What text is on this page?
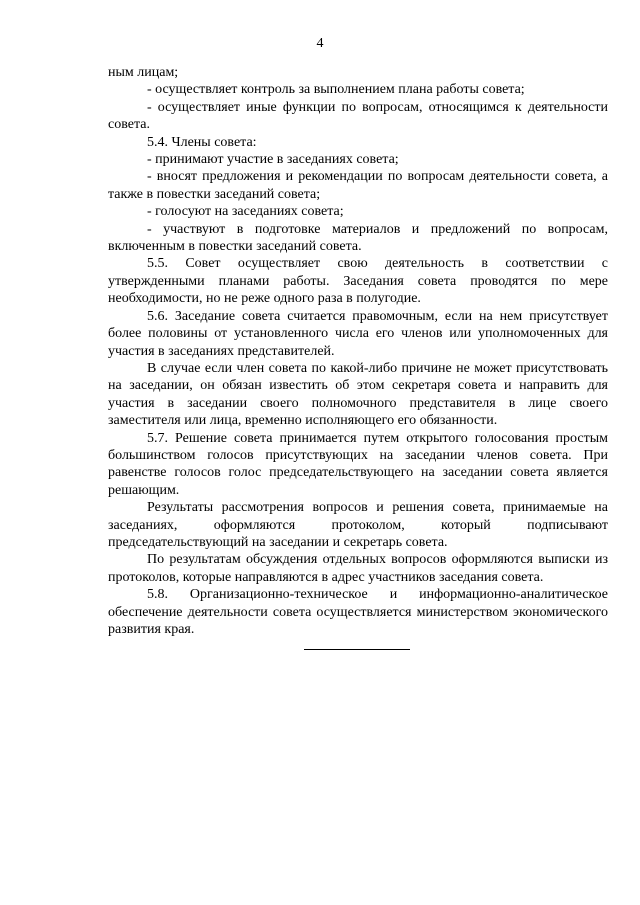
4

ным лицам;

- осуществляет контроль за выполнением плана работы совета;

- осуществляет иные функции по вопросам, относящимся к деятельности совета.

5.4. Члены совета:

- принимают участие в заседаниях совета;

- вносят предложения и рекомендации по вопросам деятельности совета, а также в повестки заседаний совета;

- голосуют на заседаниях совета;

- участвуют в подготовке материалов и предложений по вопросам, включенным в повестки заседаний совета.

5.5. Совет осуществляет свою деятельность в соответствии с утвержденными планами работы. Заседания совета проводятся по мере необходимости, но не реже одного раза в полугодие.

5.6. Заседание совета считается правомочным, если на нем присутствует более половины от установленного числа его членов или уполномоченных для участия в заседаниях представителей.

В случае если член совета по какой-либо причине не может присутствовать на заседании, он обязан известить об этом секретаря совета и направить для участия в заседании своего полномочного представителя в лице своего заместителя или лица, временно исполняющего его обязанности.

5.7. Решение совета принимается путем открытого голосования простым большинством голосов присутствующих на заседании членов совета. При равенстве голосов голос председательствующего на заседании совета является решающим.

Результаты рассмотрения вопросов и решения совета, принимаемые на заседаниях, оформляются протоколом, который подписывают председательствующий на заседании и секретарь совета.

По результатам обсуждения отдельных вопросов оформляются выписки из протоколов, которые направляются в адрес участников заседания совета.

5.8. Организационно-техническое и информационно-аналитическое обеспечение деятельности совета осуществляется министерством экономического развития края.
